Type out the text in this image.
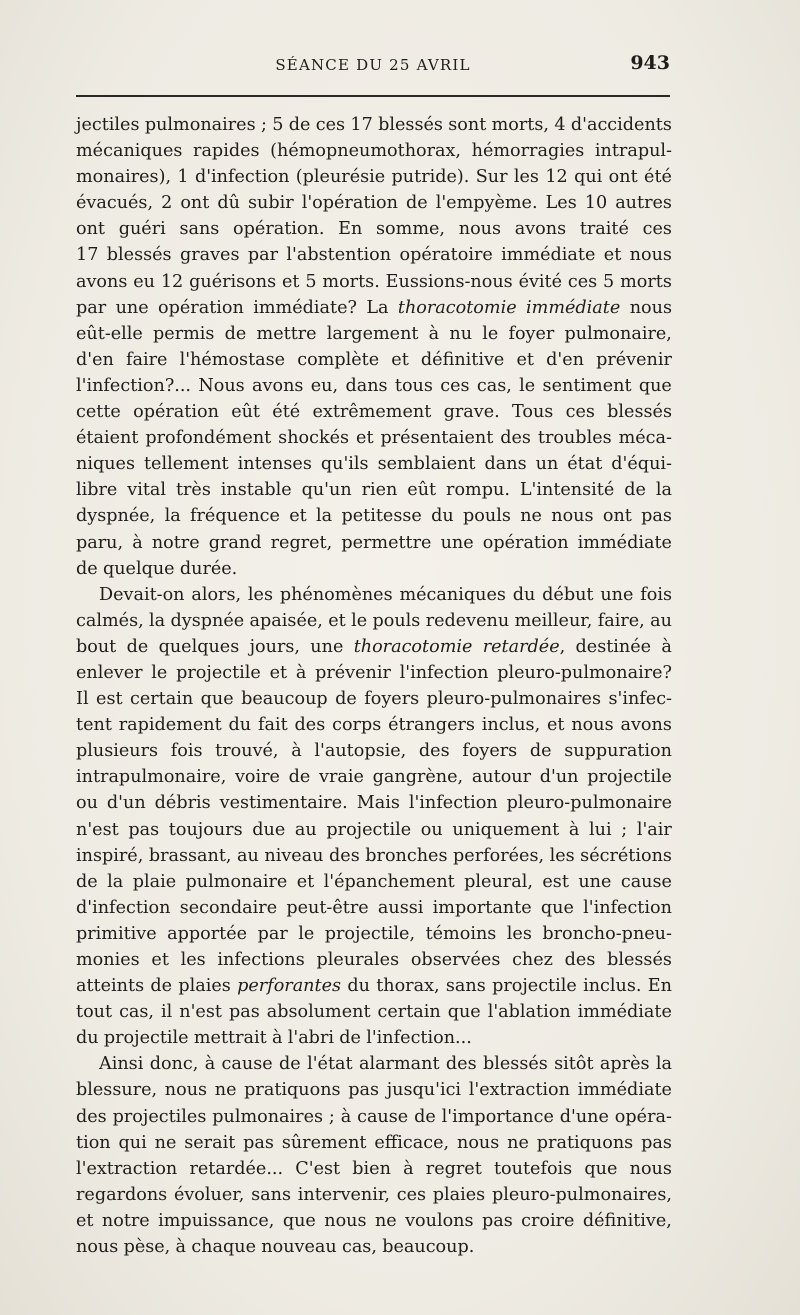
SÉANCE DU 25 AVRIL	943
jectiles pulmonaires ; 5 de ces 17 blessés sont morts, 4 d'accidents
mécaniques rapides (hémopneumothorax, hémorragies intrapul-
monaires), 1 d'infection (pleurésie putride). Sur les 12 qui ont été
évacués, 2 ont dû subir l'opération de l'empyème. Les 10 autres
ont guéri sans opération. En somme, nous avons traité ces
17 blessés graves par l'abstention opératoire immédiate et nous
avons eu 12 guérisons et 5 morts. Eussions-nous évité ces 5 morts
par une opération immédiate? La thoracotomie immédiate nous
eût-elle permis de mettre largement à nu le foyer pulmonaire,
d'en faire l'hémostase complète et définitive et d'en prévenir
l'infection?... Nous avons eu, dans tous ces cas, le sentiment que
cette opération eût été extrêmement grave. Tous ces blessés
étaient profondément shockés et présentaient des troubles méca-
niques tellement intenses qu'ils semblaient dans un état d'équi-
libre vital très instable qu'un rien eût rompu. L'intensité de la
dyspnée, la fréquence et la petitesse du pouls ne nous ont pas
paru, à notre grand regret, permettre une opération immédiate
de quelque durée.
Devait-on alors, les phénomènes mécaniques du début une fois
calmés, la dyspnée apaisée, et le pouls redevenu meilleur, faire, au
bout de quelques jours, une thoracotomie retardée, destinée à
enlever le projectile et à prévenir l'infection pleuro-pulmonaire?
Il est certain que beaucoup de foyers pleuro-pulmonaires s'infec-
tent rapidement du fait des corps étrangers inclus, et nous avons
plusieurs fois trouvé, à l'autopsie, des foyers de suppuration
intrapulmonaire, voire de vraie gangrène, autour d'un projectile
ou d'un débris vestimentaire. Mais l'infection pleuro-pulmonaire
n'est pas toujours due au projectile ou uniquement à lui ; l'air
inspiré, brassant, au niveau des bronches perforées, les sécrétions
de la plaie pulmonaire et l'épanchement pleural, est une cause
d'infection secondaire peut-être aussi importante que l'infection
primitive apportée par le projectile, témoins les broncho-pneu-
monies et les infections pleurales observées chez des blessés
atteints de plaies perforantes du thorax, sans projectile inclus. En
tout cas, il n'est pas absolument certain que l'ablation immédiate
du projectile mettrait à l'abri de l'infection...
Ainsi donc, à cause de l'état alarmant des blessés sitôt après la
blessure, nous ne pratiquons pas jusqu'ici l'extraction immédiate
des projectiles pulmonaires ; à cause de l'importance d'une opéra-
tion qui ne serait pas sûrement efficace, nous ne pratiquons pas
l'extraction retardée... C'est bien à regret toutefois que nous
regardons évoluer, sans intervenir, ces plaies pleuro-pulmonaires,
et notre impuissance, que nous ne voulons pas croire définitive,
nous pèse, à chaque nouveau cas, beaucoup.
